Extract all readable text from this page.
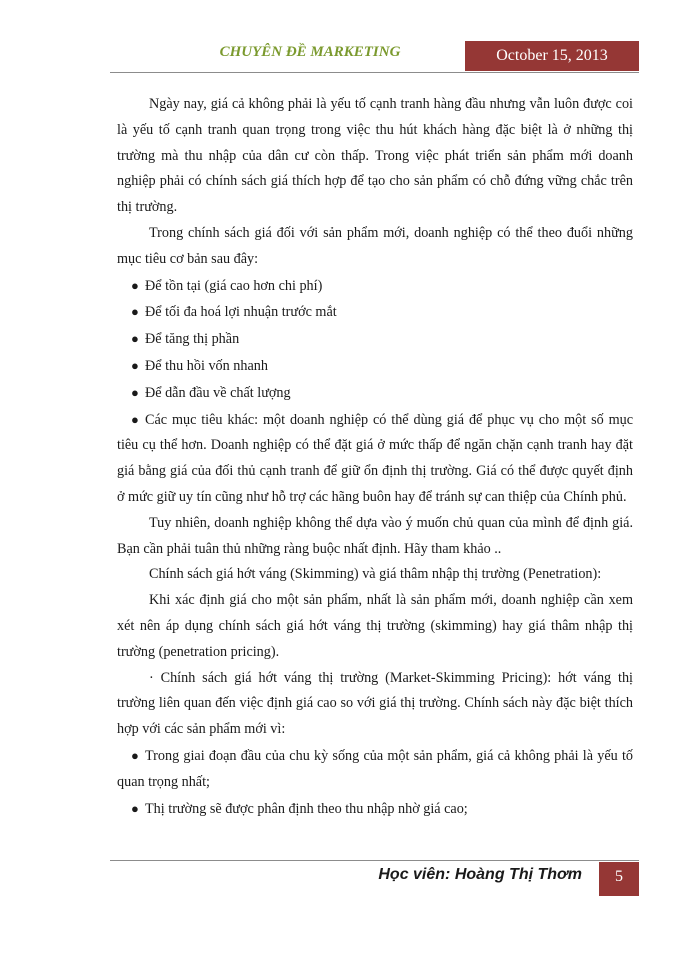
CHUYÊN ĐỀ MARKETING	October 15, 2013

Ngày nay, giá cả không phải là yếu tố cạnh tranh hàng đầu nhưng vẫn luôn được coi là yếu tố cạnh tranh quan trọng trong việc thu hút khách hàng đặc biệt là ở những thị trường mà thu nhập của dân cư còn thấp. Trong việc phát triển sản phẩm mới doanh nghiệp phải có chính sách giá thích hợp để tạo cho sản phẩm có chỗ đứng vững chắc trên thị trường.

Trong chính sách giá đối với sản phẩm mới, doanh nghiệp có thể theo đuổi những mục tiêu cơ bản sau đây:

● Để tồn tại (giá cao hơn chi phí)

● Để tối đa hoá lợi nhuận trước mắt

● Để tăng thị phần

● Để thu hồi vốn nhanh

● Để dẫn đầu về chất lượng

● Các mục tiêu khác: một doanh nghiệp có thể dùng giá để phục vụ cho một số mục tiêu cụ thể hơn. Doanh nghiệp có thể đặt giá ở mức thấp để ngăn chặn cạnh tranh hay đặt giá bằng giá của đối thủ cạnh tranh để giữ ổn định thị trường. Giá có thể được quyết định ở mức giữ uy tín cũng như hỗ trợ các hãng buôn hay để tránh sự can thiệp của Chính phủ.

Tuy nhiên, doanh nghiệp không thể dựa vào ý muốn chủ quan của mình để định giá. Bạn cần phải tuân thủ những ràng buộc nhất định. Hãy tham khảo ..

Chính sách giá hớt váng (Skimming) và giá thâm nhập thị trường (Penetration):

Khi xác định giá cho một sản phẩm, nhất là sản phẩm mới, doanh nghiệp cần xem xét nên áp dụng chính sách giá hớt váng thị trường (skimming) hay giá thâm nhập thị trường (penetration pricing).

· Chính sách giá hớt váng thị trường (Market-Skimming Pricing): hớt váng thị trường liên quan đến việc định giá cao so với giá thị trường. Chính sách này đặc biệt thích hợp với các sản phẩm mới vì:

● Trong giai đoạn đầu của chu kỳ sống của một sản phẩm, giá cả không phải là yếu tố quan trọng nhất;

● Thị trường sẽ được phân định theo thu nhập nhờ giá cao;

Học viên: Hoàng Thị Thơm	5
